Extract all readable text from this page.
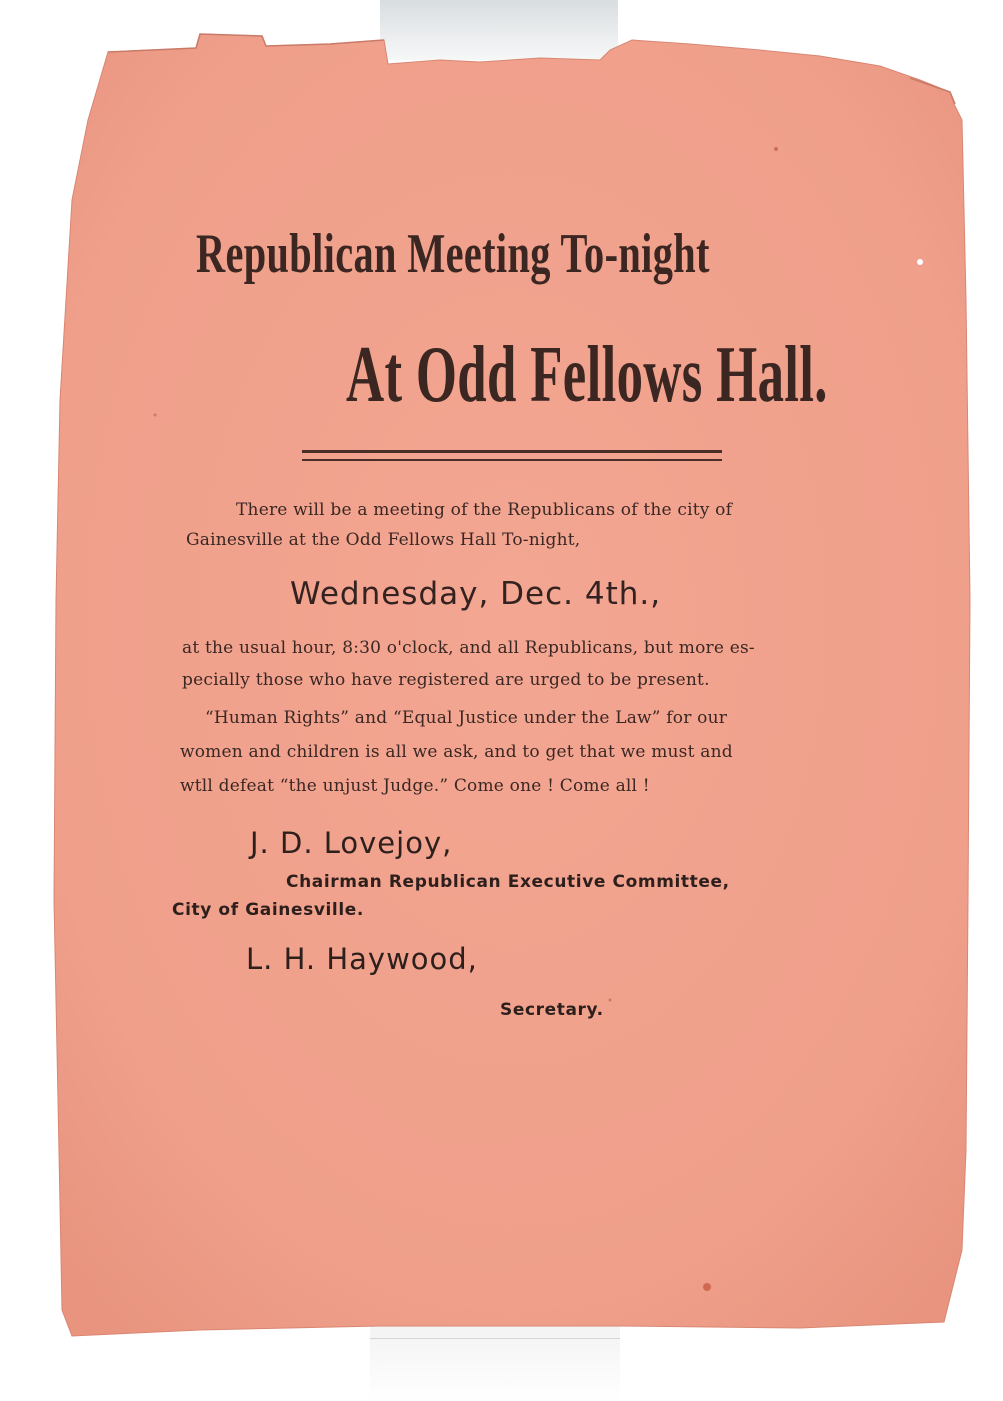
Republican Meeting To-night
At Odd Fellows Hall.
There will be a meeting of the Republicans of the city of
Gainesville at the Odd Fellows Hall To-night,
Wednesday, Dec. 4th.,
at the usual hour, 8:30 o'clock, and all Republicans, but more es-
pecially those who have registered are urged to be present.
“Human Rights” and “Equal Justice under the Law” for our
women and children is all we ask, and to get that we must and
wtll defeat “the unjust Judge.” Come one ! Come all !
J. D. Lovejoy,
Chairman Republican Executive Committee,
City of Gainesville.
L. H. Haywood,
Secretary.
